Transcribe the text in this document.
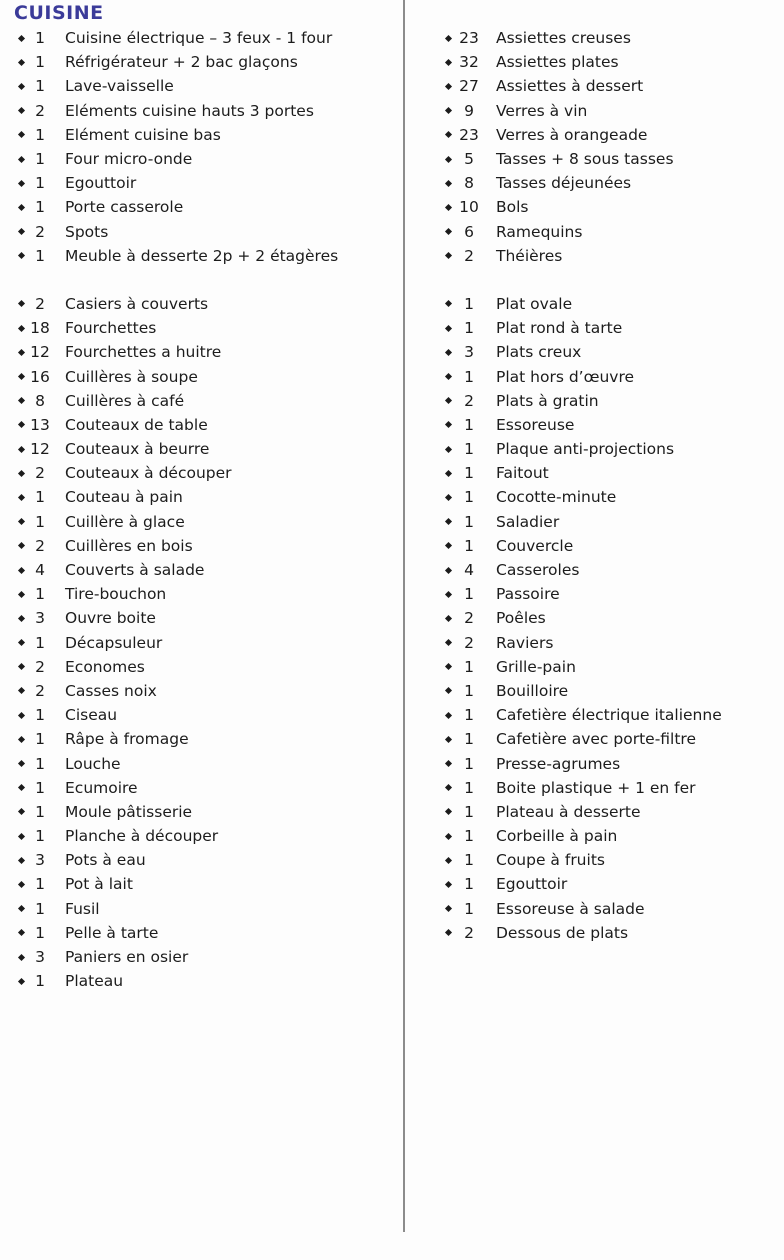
CUISINE
1	Cuisine électrique – 3 feux - 1 four
1	Réfrigérateur + 2 bac glaçons
1	Lave-vaisselle
2	Eléments cuisine hauts 3 portes
1	Elément cuisine bas
1	Four micro-onde
1	Egouttoir
1	Porte casserole
2	Spots
1	Meuble à desserte 2p + 2 étagères
2	Casiers à couverts
18 Fourchettes
12 Fourchettes a huitre
16 Cuillères à soupe
8	Cuillères à café
13 Couteaux de table
12 Couteaux à beurre
2	Couteaux à découper
1	Couteau à pain
1	Cuillère à glace
2	Cuillères en bois
4	Couverts à salade
1	Tire-bouchon
3	Ouvre boite
1	Décapsuleur
2	Economes
2	Casses noix
1	Ciseau
1	Râpe à fromage
1	Louche
1	Ecumoire
1	Moule pâtisserie
1	Planche à découper
3	Pots à eau
1	Pot à lait
1	Fusil
1	Pelle à tarte
3	Paniers en osier
1	Plateau
23 Assiettes creuses
32 Assiettes plates
27 Assiettes à dessert
9	Verres à vin
23 Verres à orangeade
5	Tasses + 8 sous tasses
8	Tasses déjeunées
10 Bols
6	Ramequins
2	Théières
1	Plat ovale
1	Plat rond à tarte
3	Plats creux
1	Plat hors d’œuvre
2	Plats à gratin
1	Essoreuse
1	Plaque anti-projections
1	Faitout
1	Cocotte-minute
1	Saladier
1	Couvercle
4	Casseroles
1	Passoire
2	Poêles
2	Raviers
1	Grille-pain
1	Bouilloire
1	Cafetière électrique italienne
1	Cafetière avec porte-filtre
1	Presse-agrumes
1	Boite plastique + 1 en fer
1	Plateau à desserte
1	Corbeille à pain
1	Coupe à fruits
1	Egouttoir
1	Essoreuse à salade
2	Dessous de plats
